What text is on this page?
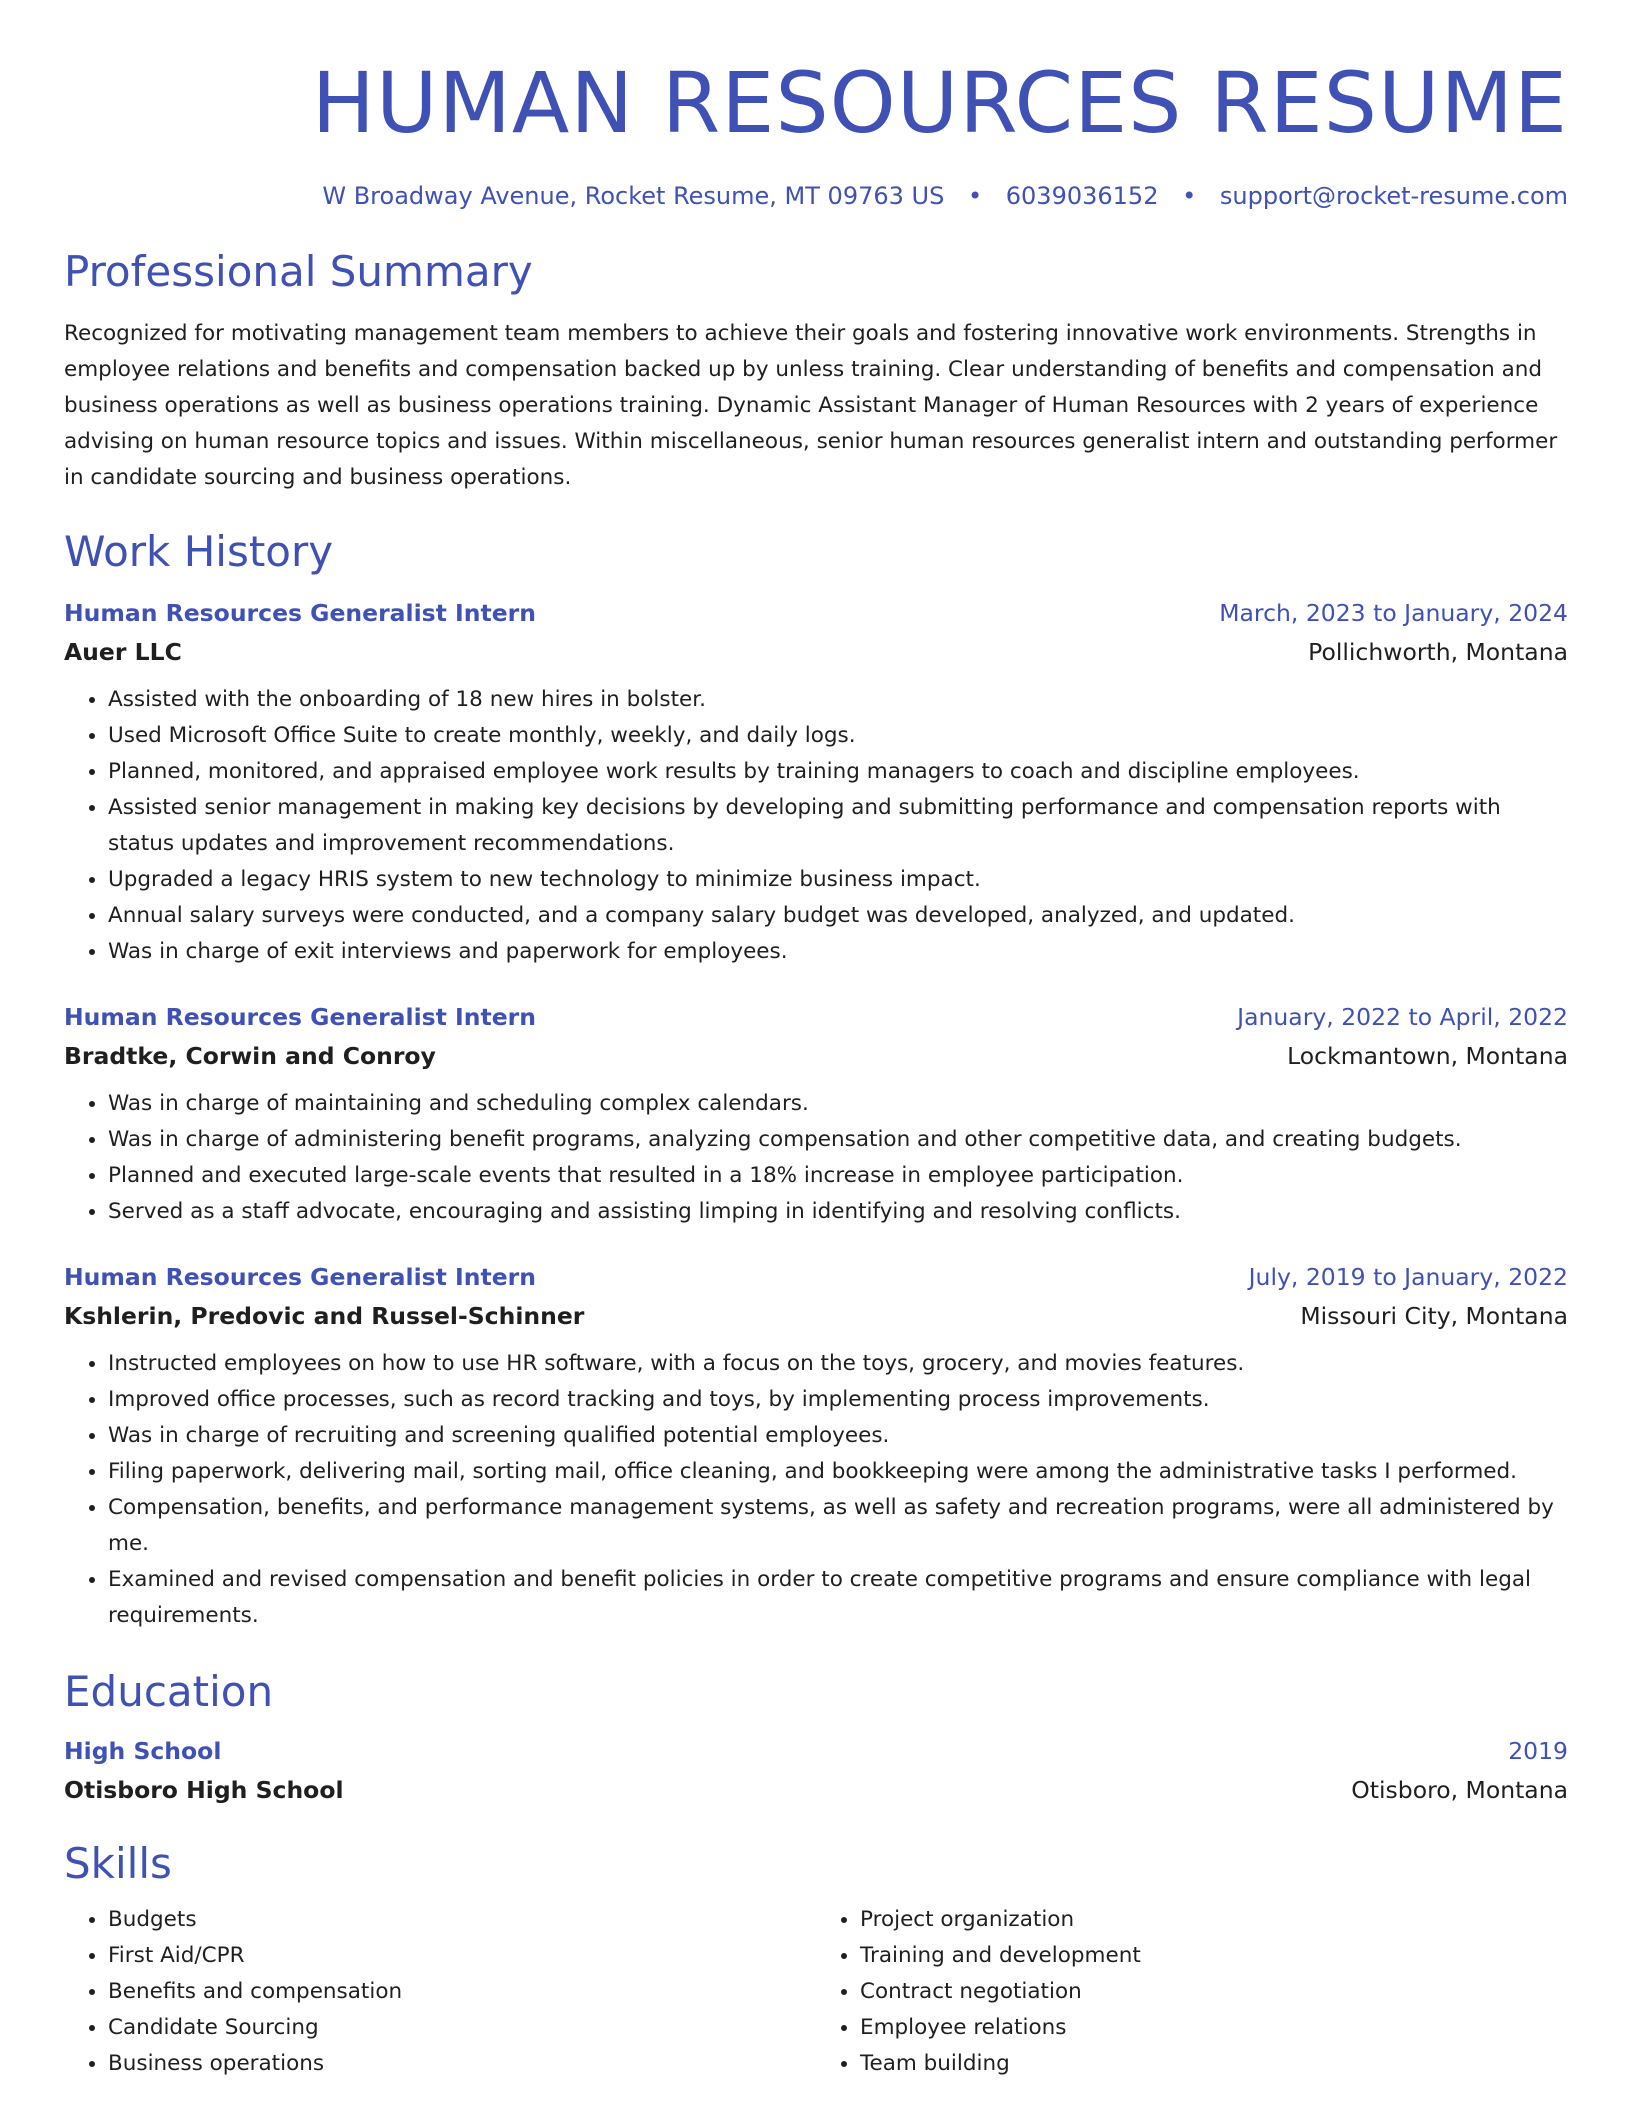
HUMAN RESOURCES RESUME
W Broadway Avenue, Rocket Resume, MT 09763 US • 6039036152 • support@rocket-resume.com
Professional Summary
Recognized for motivating management team members to achieve their goals and fostering innovative work environments. Strengths in employee relations and benefits and compensation backed up by unless training. Clear understanding of benefits and compensation and business operations as well as business operations training. Dynamic Assistant Manager of Human Resources with 2 years of experience advising on human resource topics and issues. Within miscellaneous, senior human resources generalist intern and outstanding performer in candidate sourcing and business operations.
Work History
Human Resources Generalist Intern	March, 2023 to January, 2024
Auer LLC	Pollichworth, Montana
• Assisted with the onboarding of 18 new hires in bolster.
• Used Microsoft Office Suite to create monthly, weekly, and daily logs.
• Planned, monitored, and appraised employee work results by training managers to coach and discipline employees.
• Assisted senior management in making key decisions by developing and submitting performance and compensation reports with status updates and improvement recommendations.
• Upgraded a legacy HRIS system to new technology to minimize business impact.
• Annual salary surveys were conducted, and a company salary budget was developed, analyzed, and updated.
• Was in charge of exit interviews and paperwork for employees.
Human Resources Generalist Intern	January, 2022 to April, 2022
Bradtke, Corwin and Conroy	Lockmantown, Montana
• Was in charge of maintaining and scheduling complex calendars.
• Was in charge of administering benefit programs, analyzing compensation and other competitive data, and creating budgets.
• Planned and executed large-scale events that resulted in a 18% increase in employee participation.
• Served as a staff advocate, encouraging and assisting limping in identifying and resolving conflicts.
Human Resources Generalist Intern	July, 2019 to January, 2022
Kshlerin, Predovic and Russel-Schinner	Missouri City, Montana
• Instructed employees on how to use HR software, with a focus on the toys, grocery, and movies features.
• Improved office processes, such as record tracking and toys, by implementing process improvements.
• Was in charge of recruiting and screening qualified potential employees.
• Filing paperwork, delivering mail, sorting mail, office cleaning, and bookkeeping were among the administrative tasks I performed.
• Compensation, benefits, and performance management systems, as well as safety and recreation programs, were all administered by me.
• Examined and revised compensation and benefit policies in order to create competitive programs and ensure compliance with legal requirements.
Education
High School	2019
Otisboro High School	Otisboro, Montana
Skills
• Budgets
• First Aid/CPR
• Benefits and compensation
• Candidate Sourcing
• Business operations
• Project organization
• Training and development
• Contract negotiation
• Employee relations
• Team building
